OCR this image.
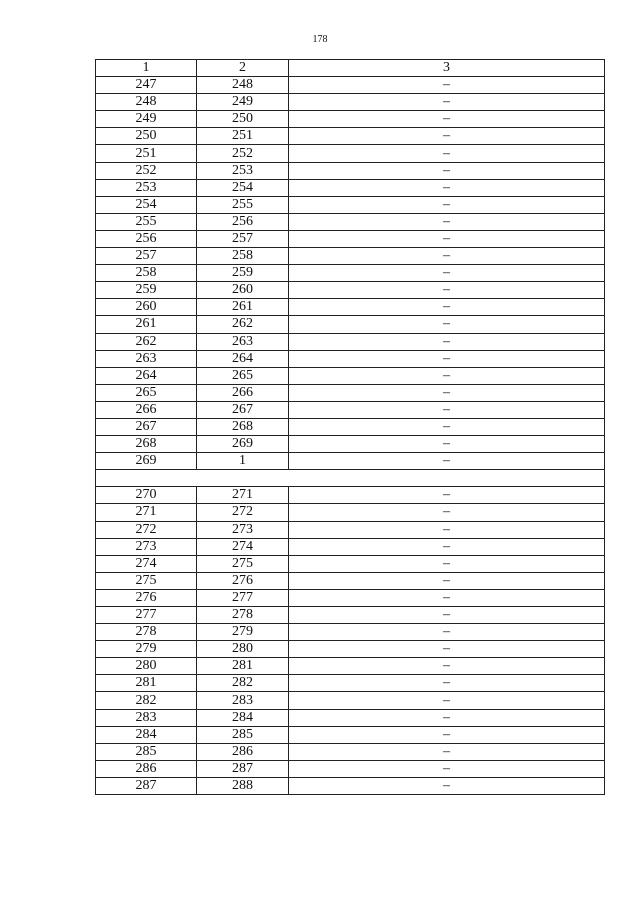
178
1	2	3
247	248	–
248	249	–
249	250	–
250	251	–
251	252	–
252	253	–
253	254	–
254	255	–
255	256	–
256	257	–
257	258	–
258	259	–
259	260	–
260	261	–
261	262	–
262	263	–
263	264	–
264	265	–
265	266	–
266	267	–
267	268	–
268	269	–
269	1	–

270	271	–
271	272	–
272	273	–
273	274	–
274	275	–
275	276	–
276	277	–
277	278	–
278	279	–
279	280	–
280	281	–
281	282	–
282	283	–
283	284	–
284	285	–
285	286	–
286	287	–
287	288	–
